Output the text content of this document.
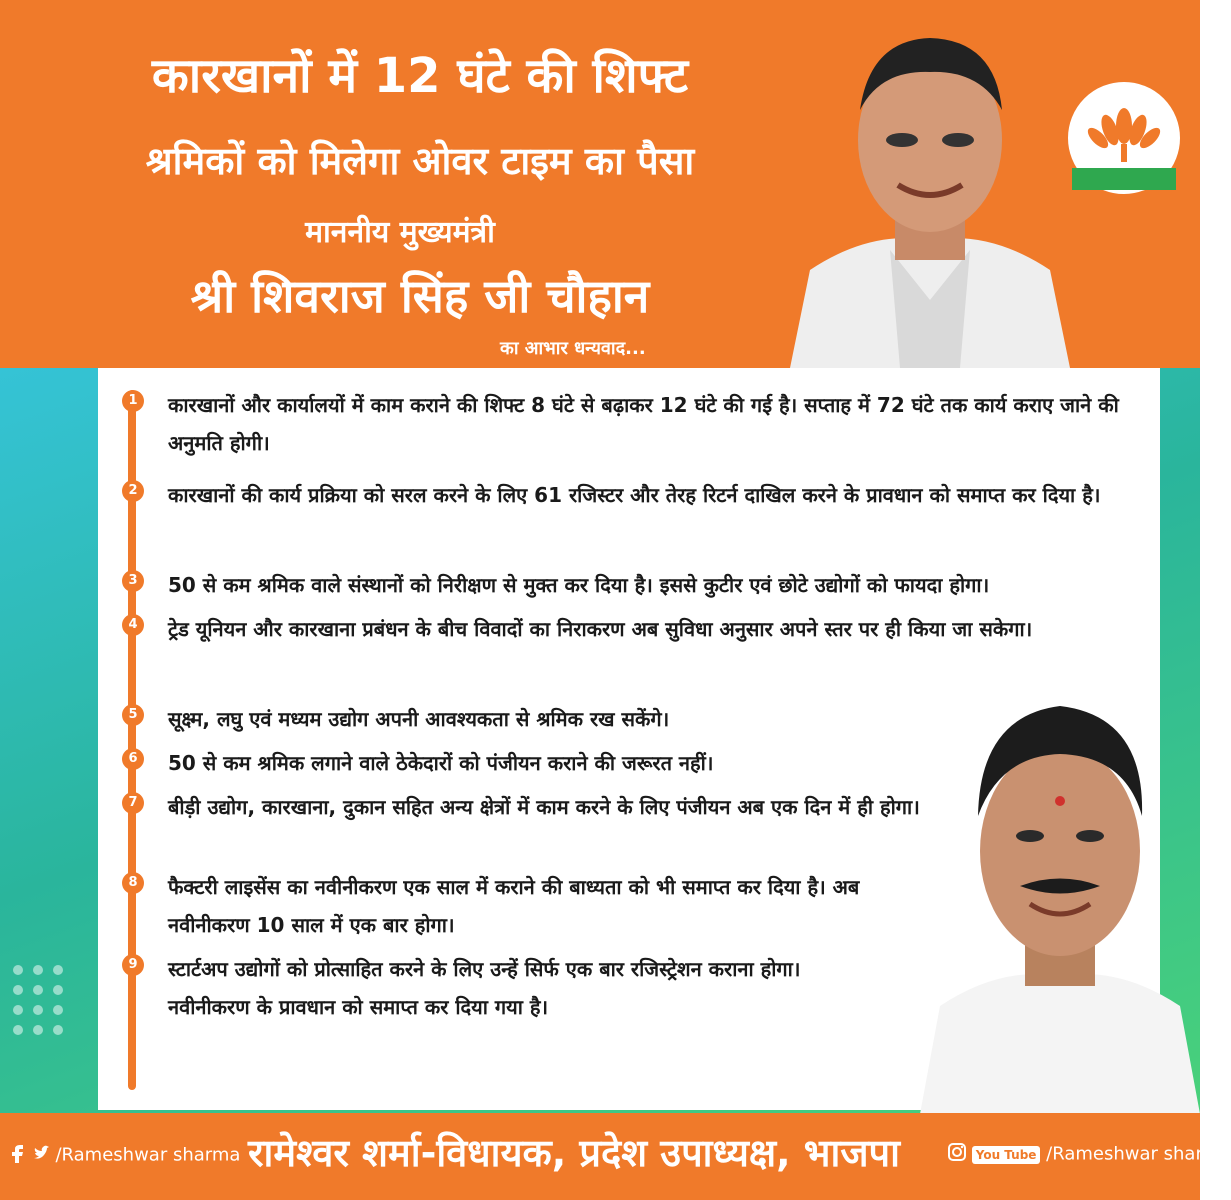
कारखानों में 12 घंटे की शिफ्ट
श्रमिकों को मिलेगा ओवर टाइम का पैसा
माननीय मुख्यमंत्री
श्री शिवराज सिंह जी चौहान
का आभार धन्यवाद...
1	कारखानों और कार्यालयों में काम कराने की शिफ्ट 8 घंटे से बढ़ाकर 12 घंटे की गई है। सप्ताह में 72 घंटे तक कार्य कराए जाने की अनुमति होगी।
2	कारखानों की कार्य प्रक्रिया को सरल करने के लिए 61 रजिस्टर और तेरह रिटर्न दाखिल करने के प्रावधान को समाप्त कर दिया है।
3	50 से कम श्रमिक वाले संस्थानों को निरीक्षण से मुक्त कर दिया है। इससे कुटीर एवं छोटे उद्योगों को फायदा होगा।
4	ट्रेड यूनियन और कारखाना प्रबंधन के बीच विवादों का निराकरण अब सुविधा अनुसार अपने स्तर पर ही किया जा सकेगा।
5	सूक्ष्म, लघु एवं मध्यम उद्योग अपनी आवश्यकता से श्रमिक रख सकेंगे।
6	50 से कम श्रमिक लगाने वाले ठेकेदारों को पंजीयन कराने की जरूरत नहीं।
7	बीड़ी उद्योग, कारखाना, दुकान सहित अन्य क्षेत्रों में काम करने के लिए पंजीयन अब एक दिन में ही होगा।
8	फैक्टरी लाइसेंस का नवीनीकरण एक साल में कराने की बाध्यता को भी समाप्त कर दिया है। अब नवीनीकरण 10 साल में एक बार होगा।
9	स्टार्टअप उद्योगों को प्रोत्साहित करने के लिए उन्हें सिर्फ एक बार रजिस्ट्रेशन कराना होगा। नवीनीकरण के प्रावधान को समाप्त कर दिया गया है।
/Rameshwar sharma रामेश्वर शर्मा-विधायक, प्रदेश उपाध्यक्ष, भाजपा	You Tube /Rameshwar sharma
